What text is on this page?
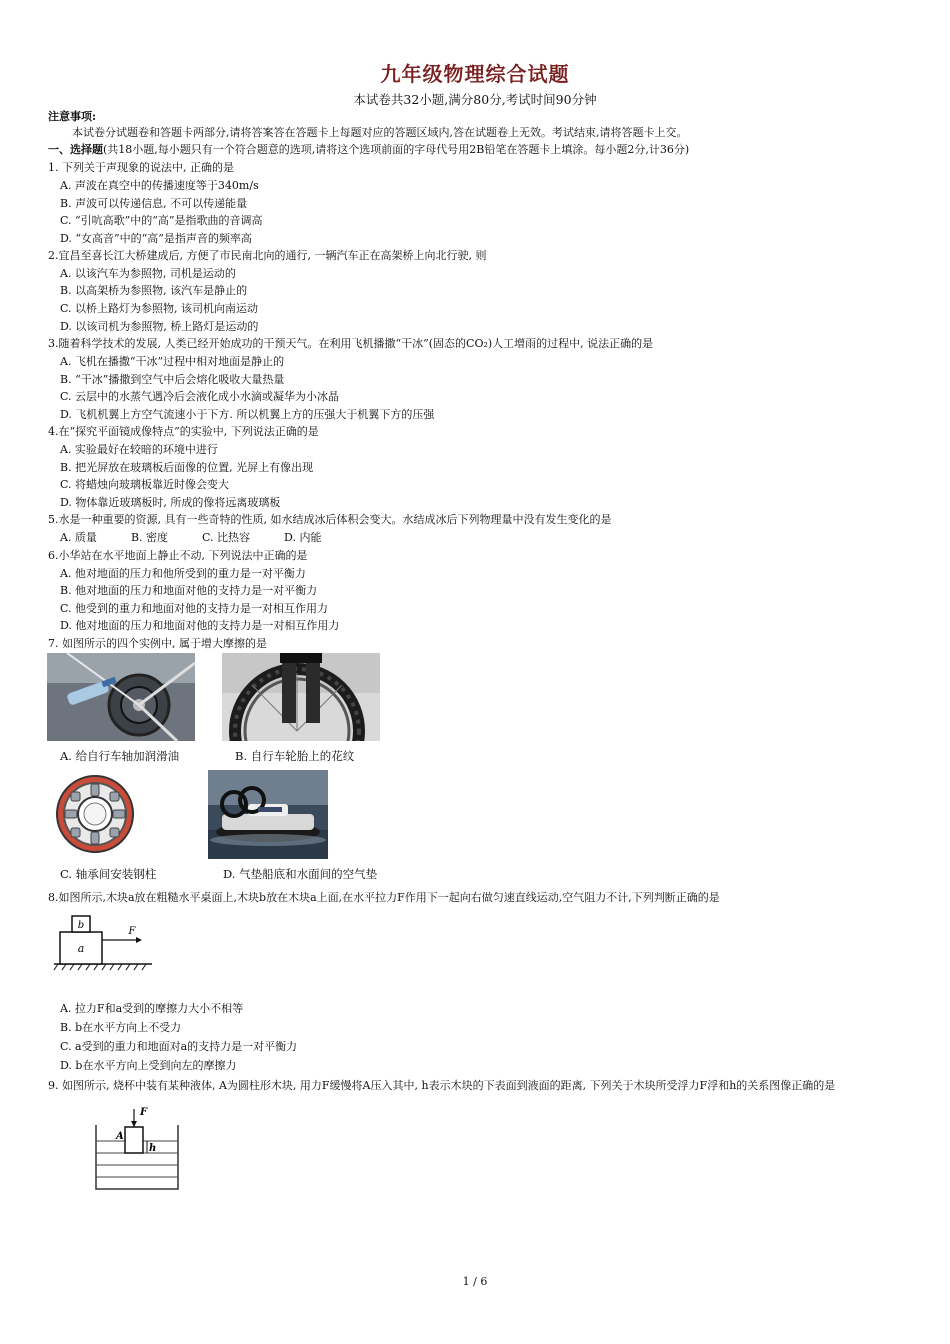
九年级物理综合试题
本试卷共32小题,满分80分,考试时间90分钟
注意事项:
本试卷分试题卷和答题卡两部分,请将答案答在答题卡上每题对应的答题区域内,答在试题卷上无效。考试结束,请将答题卡上交。
一、选择题(共18小题,每小题只有一个符合题意的选项,请将这个选项前面的字母代号用2B铅笔在答题卡上填涂。每小题2分,计36分)
1. 下列关于声现象的说法中, 正确的是
A. 声波在真空中的传播速度等于340m/s
B. 声波可以传递信息, 不可以传递能量
C. “引吭高歌”中的“高”是指歌曲的音调高
D. “女高音”中的“高”是指声音的频率高
2.宜昌至喜长江大桥建成后, 方便了市民南北向的通行, 一辆汽车正在高架桥上向北行驶, 则
A. 以该汽车为参照物, 司机是运动的
B. 以高架桥为参照物, 该汽车是静止的
C. 以桥上路灯为参照物, 该司机向南运动
D. 以该司机为参照物, 桥上路灯是运动的
3.随着科学技术的发展, 人类已经开始成功的干预天气。在利用飞机播撒“干冰”(固态的CO₂)人工增雨的过程中, 说法正确的是
A. 飞机在播撒“干冰”过程中相对地面是静止的
B. “干冰”播撒到空气中后会熔化吸收大量热量
C. 云层中的水蒸气遇冷后会液化成小水滴或凝华为小冰晶
D. 飞机机翼上方空气流速小于下方. 所以机翼上方的压强大于机翼下方的压强
4.在“探究平面镜成像特点”的实验中, 下列说法正确的是
A. 实验最好在较暗的环境中进行
B. 把光屏放在玻璃板后面像的位置, 光屏上有像出现
C. 将蜡烛向玻璃板靠近时像会变大
D. 物体靠近玻璃板时, 所成的像将远离玻璃板
5.水是一种重要的资源, 具有一些奇特的性质, 如水结成冰后体积会变大。水结成冰后下列物理量中没有发生变化的是
A. 质量	B. 密度	C. 比热容	D. 内能
6.小华站在水平地面上静止不动, 下列说法中正确的是
A. 他对地面的压力和他所受到的重力是一对平衡力
B. 他对地面的压力和地面对他的支持力是一对平衡力
C. 他受到的重力和地面对他的支持力是一对相互作用力
D. 他对地面的压力和地面对他的支持力是一对相互作用力
7. 如图所示的四个实例中, 属于增大摩擦的是
A. 给自行车轴加润滑油	B. 自行车轮胎上的花纹
C. 轴承间安装钢柱	D. 气垫船底和水面间的空气垫
8.如图所示,木块a放在粗糙水平桌面上,木块b放在木块a上面,在水平拉力F作用下一起向右做匀速直线运动,空气阻力不计,下列判断正确的是
b
a
F
A. 拉力F和a受到的摩擦力大小不相等
B. b在水平方向上不受力
C. a受到的重力和地面对a的支持力是一对平衡力
D. b在水平方向上受到向左的摩擦力
9. 如图所示, 烧杯中装有某种液体, A为圆柱形木块, 用力F缓慢将A压入其中, h表示木块的下表面到液面的距离, 下列关于木块所受浮力F浮和h的关系图像正确的是
F
A
h
1 / 6
